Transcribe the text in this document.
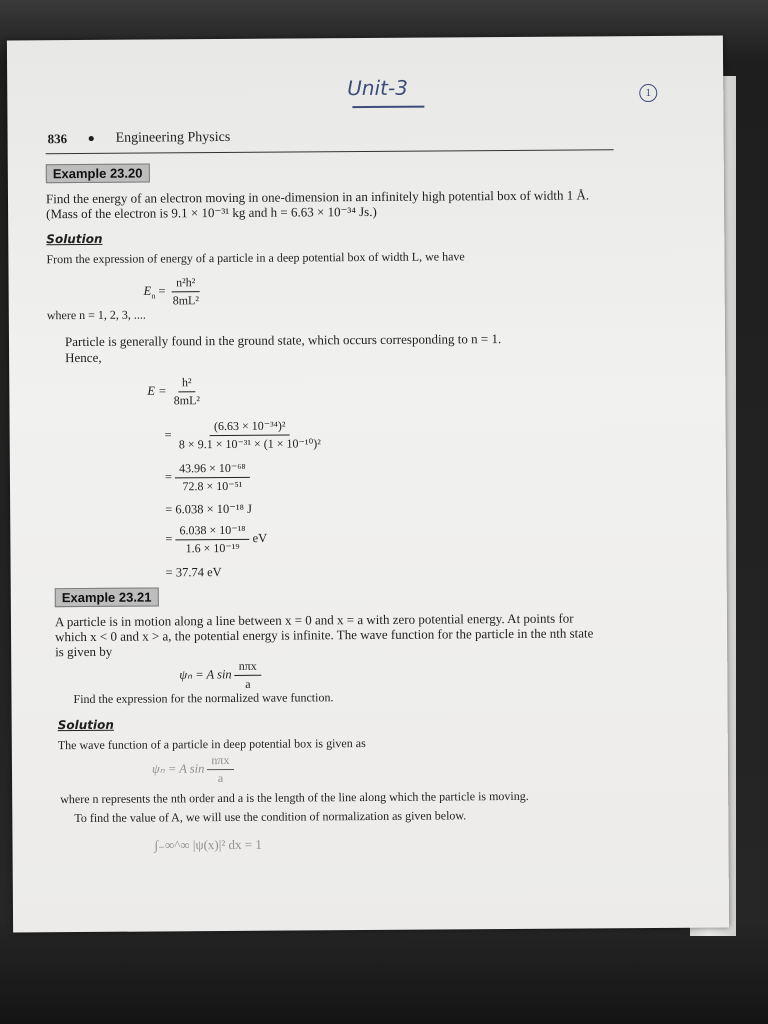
Unit-3	1
836 ● Engineering Physics
Example 23.20
Find the energy of an electron moving in one-dimension in an infinitely high potential box of width 1 Å.
(Mass of the electron is 9.1 × 10⁻³¹ kg and h = 6.63 × 10⁻³⁴ Js.)
Solution
From the expression of energy of a particle in a deep potential box of width L, we have
$E_n = \frac{\text{n²h²}}{\text{8mL²}}$
where n = 1, 2, 3, ....
Particle is generally found in the ground state, which occurs corresponding to n = 1.
Hence,
$E = \frac{\text{h²}}{\text{8mL²}}$
= $\frac{\text{(6.63 × 10⁻³⁴)²}}{\text{8 × 9.1 × 10⁻³¹ × (1 × 10⁻¹⁰)²}}$
= $\frac{\text{43.96 × 10⁻⁶⁸}}{\text{72.8 × 10⁻⁵¹}}$
= 6.038 × 10⁻¹⁸ J
= $\frac{\text{6.038 × 10⁻¹⁸}}{\text{1.6 × 10⁻¹⁹}}$ eV
= 37.74 eV
Example 23.21
A particle is in motion along a line between x = 0 and x = a with zero potential energy. At points for
which x < 0 and x > a, the potential energy is infinite. The wave function for the particle in the nth state
is given by
ψₙ = A $\sin \frac{\text{nπx}}{a}$
Find the expression for the normalized wave function.
Solution
The wave function of a particle in deep potential box is given as
ψₙ = A $\sin \frac{\text{nπx}}{a}$
where n represents the nth order and a is the length of the line along which the particle is moving.
To find the value of A, we will use the condition of normalization as given below.
∫₋∞^∞ |ψ(x)|² dx = 1
